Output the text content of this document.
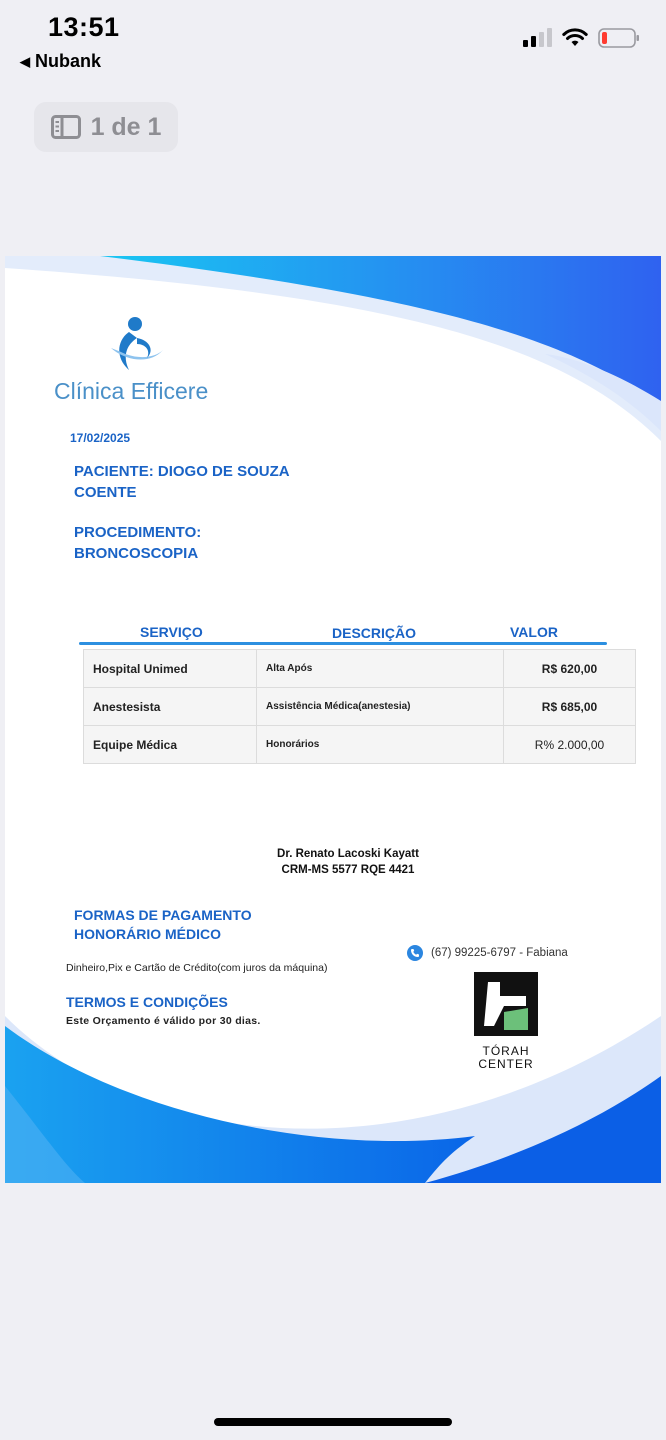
13:51
◀ Nubank
1 de 1
Clínica Efficere
17/02/2025
PACIENTE: DIOGO DE SOUZA
COENTE
PROCEDIMENTO:
BRONCOSCOPIA
SERVIÇO	DESCRIÇÃO	VALOR
Hospital Unimed	Alta Após	R$ 620,00
Anestesista	Assistência Médica(anestesia)	R$ 685,00
Equipe Médica	Honorários	R% 2.000,00
Dr. Renato Lacoski Kayatt
CRM-MS 5577 RQE 4421
FORMAS DE PAGAMENTO
HONORÁRIO MÉDICO
Dinheiro,Pix e Cartão de Crédito(com juros da máquina)
TERMOS E CONDIÇÕES
Este Orçamento é válido por 30 dias.
(67) 99225-6797 - Fabiana
TÓRAH
CENTER
